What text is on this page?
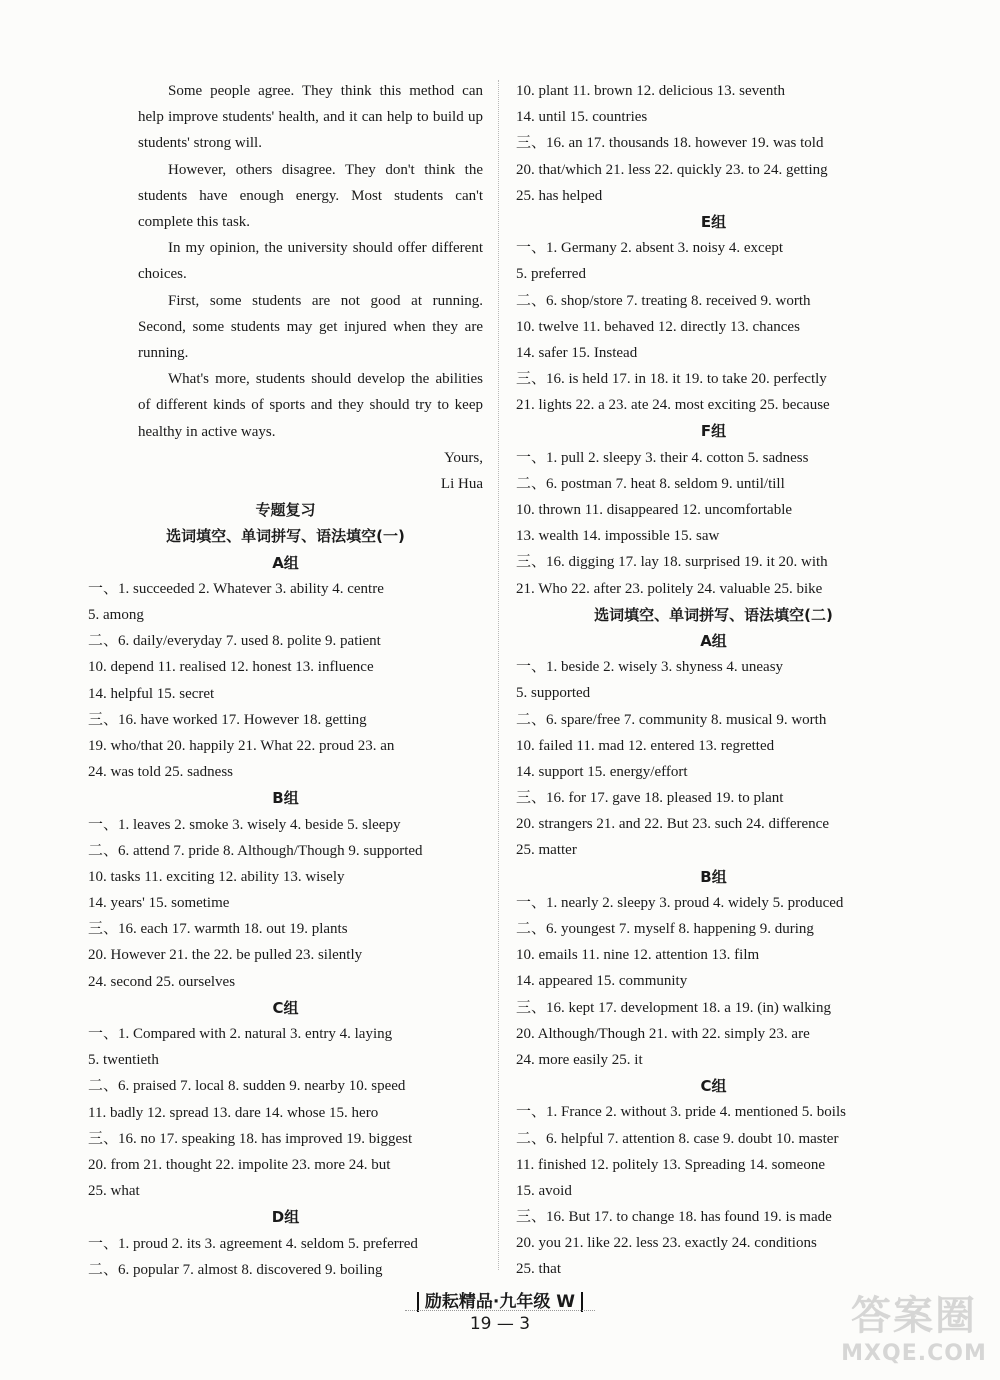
Some people agree. They think this method can help improve students' health, and it can help to build up students' strong will.
However, others disagree. They don't think the students have enough energy. Most students can't complete this task.
In my opinion, the university should offer different choices.
First, some students are not good at running. Second, some students may get injured when they are running.
What's more, students should develop the abilities of different kinds of sports and they should try to keep healthy in active ways.
Yours,
Li Hua
专题复习
选词填空、单词拼写、语法填空(一)
A组
一、1. succeeded 2. Whatever 3. ability 4. centre
5. among
二、6. daily/everyday 7. used 8. polite 9. patient
10. depend 11. realised 12. honest 13. influence
14. helpful 15. secret
三、16. have worked 17. However 18. getting
19. who/that 20. happily 21. What 22. proud 23. an
24. was told 25. sadness
B组
一、1. leaves 2. smoke 3. wisely 4. beside 5. sleepy
二、6. attend 7. pride 8. Although/Though 9. supported
10. tasks 11. exciting 12. ability 13. wisely
14. years' 15. sometime
三、16. each 17. warmth 18. out 19. plants
20. However 21. the 22. be pulled 23. silently
24. second 25. ourselves
C组
一、1. Compared with 2. natural 3. entry 4. laying
5. twentieth
二、6. praised 7. local 8. sudden 9. nearby 10. speed
11. badly 12. spread 13. dare 14. whose 15. hero
三、16. no 17. speaking 18. has improved 19. biggest
20. from 21. thought 22. impolite 23. more 24. but
25. what
D组
一、1. proud 2. its 3. agreement 4. seldom 5. preferred
二、6. popular 7. almost 8. discovered 9. boiling
10. plant 11. brown 12. delicious 13. seventh
14. until 15. countries
三、16. an 17. thousands 18. however 19. was told
20. that/which 21. less 22. quickly 23. to 24. getting
25. has helped
E组
一、1. Germany 2. absent 3. noisy 4. except
5. preferred
二、6. shop/store 7. treating 8. received 9. worth
10. twelve 11. behaved 12. directly 13. chances
14. safer 15. Instead
三、16. is held 17. in 18. it 19. to take 20. perfectly
21. lights 22. a 23. ate 24. most exciting 25. because
F组
一、1. pull 2. sleepy 3. their 4. cotton 5. sadness
二、6. postman 7. heat 8. seldom 9. until/till
10. thrown 11. disappeared 12. uncomfortable
13. wealth 14. impossible 15. saw
三、16. digging 17. lay 18. surprised 19. it 20. with
21. Who 22. after 23. politely 24. valuable 25. bike
选词填空、单词拼写、语法填空(二)
A组
一、1. beside 2. wisely 3. shyness 4. uneasy
5. supported
二、6. spare/free 7. community 8. musical 9. worth
10. failed 11. mad 12. entered 13. regretted
14. support 15. energy/effort
三、16. for 17. gave 18. pleased 19. to plant
20. strangers 21. and 22. But 23. such 24. difference
25. matter
B组
一、1. nearly 2. sleepy 3. proud 4. widely 5. produced
二、6. youngest 7. myself 8. happening 9. during
10. emails 11. nine 12. attention 13. film
14. appeared 15. community
三、16. kept 17. development 18. a 19. (in) walking
20. Although/Though 21. with 22. simply 23. are
24. more easily 25. it
C组
一、1. France 2. without 3. pride 4. mentioned 5. boils
二、6. helpful 7. attention 8. case 9. doubt 10. master
11. finished 12. politely 13. Spreading 14. someone
15. avoid
三、16. But 17. to change 18. has found 19. is made
20. you 21. like 22. less 23. exactly 24. conditions
25. that
励耘精品·九年级 W
19 — 3	答案圈
MXQE.COM
